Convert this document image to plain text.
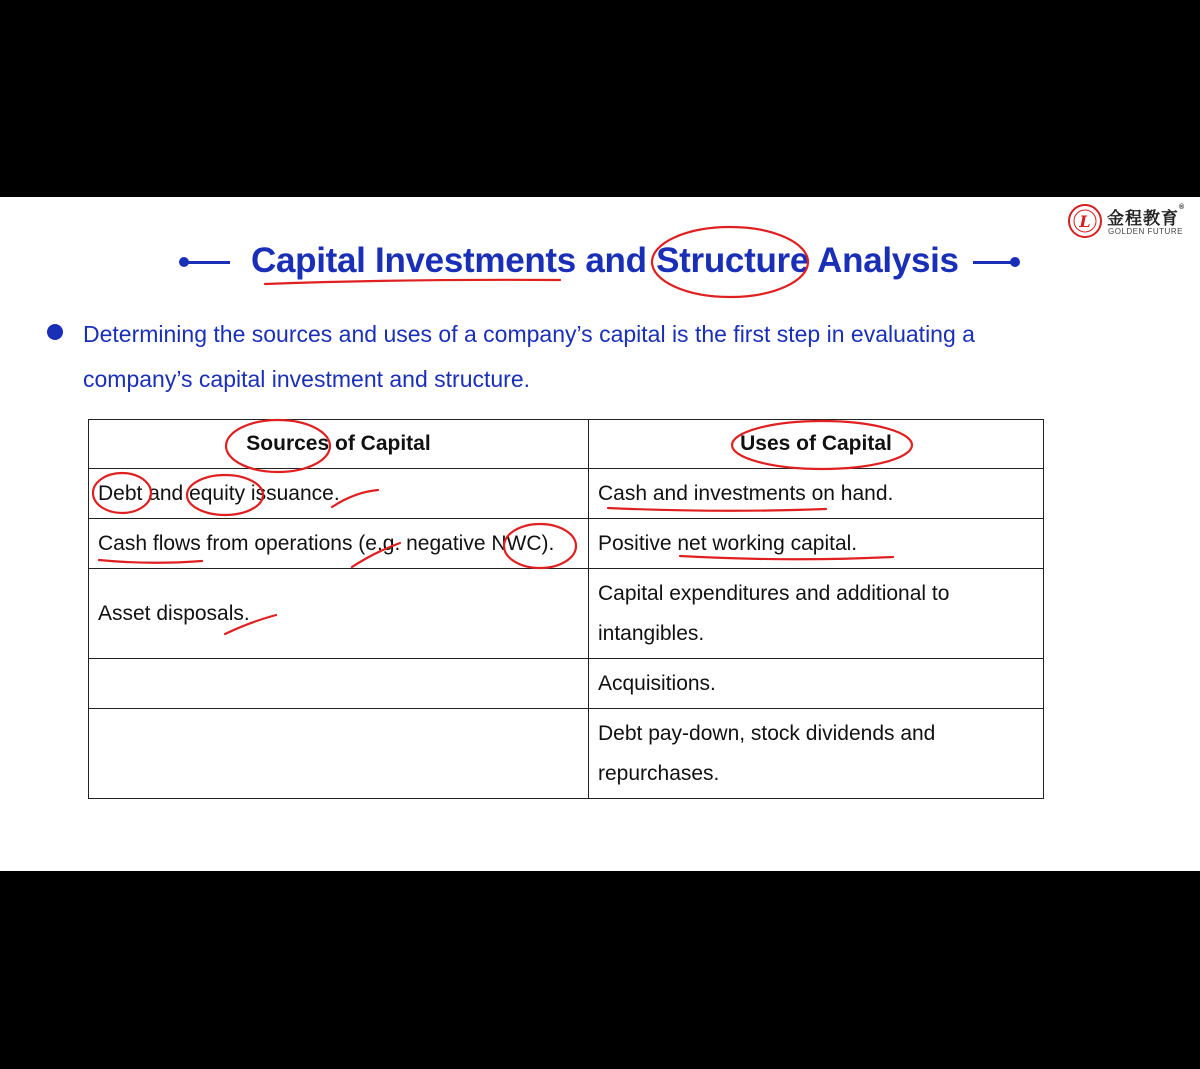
L 金程教育®
GOLDEN FUTURE
Capital Investments and Structure Analysis

Determining the sources and uses of a company’s capital is the first step in evaluating a company’s capital investment and structure.

Sources of Capital	Uses of Capital
Debt and equity issuance.	Cash and investments on hand.
Cash flows from operations (e.g. negative NWC).	Positive net working capital.
Asset disposals.	Capital expenditures and additional to intangibles.
	Acquisitions.
	Debt pay-down, stock dividends and repurchases.
